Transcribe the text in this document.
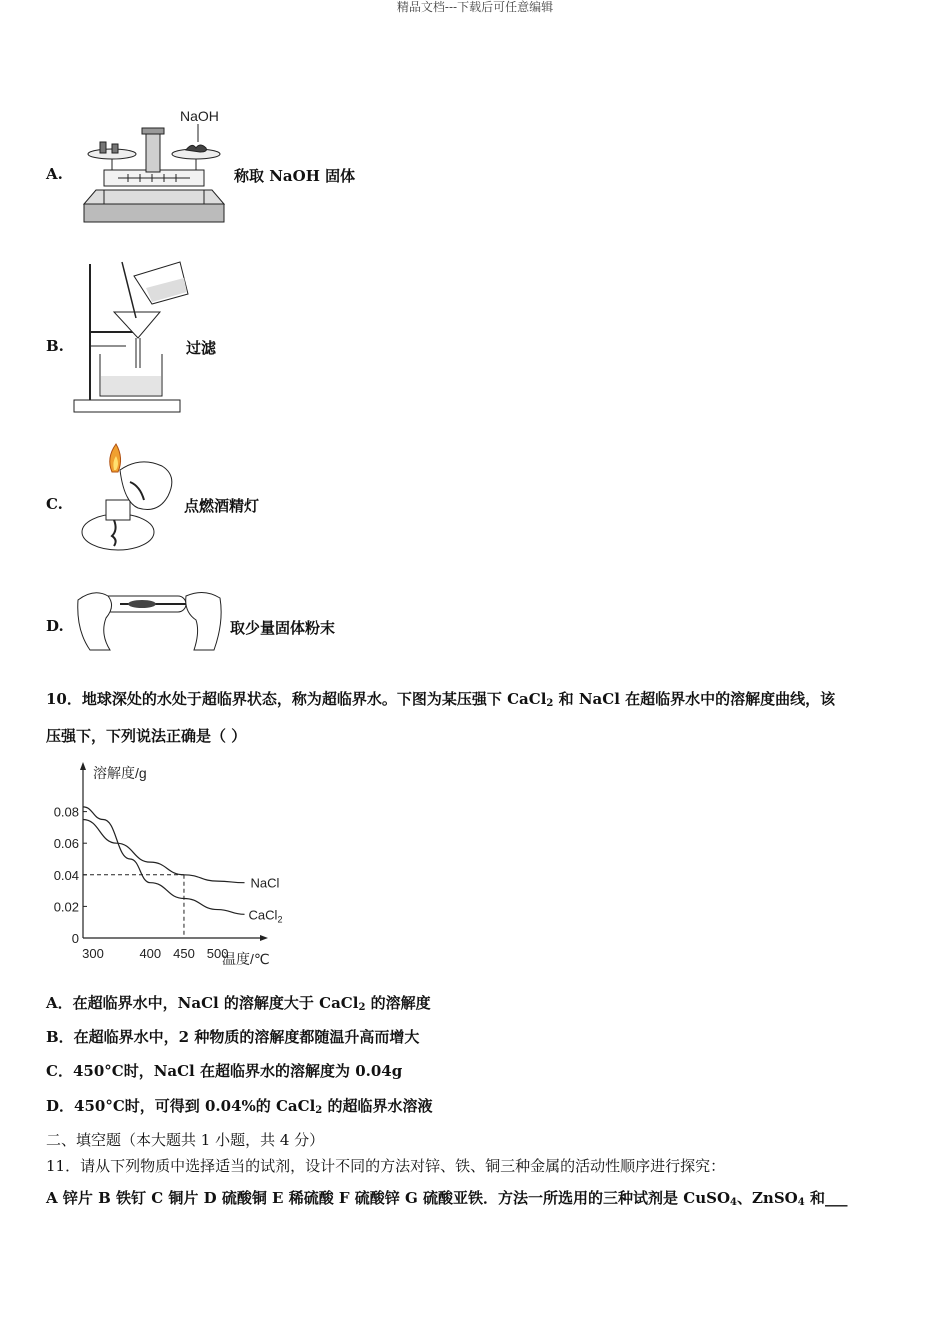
精品文档---下载后可任意编辑
A.
NaOH
称取 NaOH 固体
B.	过滤
C.	点燃酒精灯
D.	取少量固体粉末
10．地球深处的水处于超临界状态，称为超临界水。下图为某压强下 CaCl$_2$ 和 NaCl 在超临界水中的溶解度曲线，该
压强下，下列说法正确是（ ）
溶解度/g
温度/℃
0
0.02
0.04
0.06
0.08
300	400 450 500
NaCl
CaCl$_2$
A．在超临界水中，NaCl 的溶解度大于 CaCl$_2$ 的溶解度
B．在超临界水中，2 种物质的溶解度都随温升高而增大
C．450°C时，NaCl 在超临界水的溶解度为 0.04g
D．450°C时，可得到 0.04%的 CaCl$_2$ 的超临界水溶液
二、填空题（本大题共 1 小题，共 4 分）
11．请从下列物质中选择适当的试剂，设计不同的方法对锌、铁、铜三种金属的活动性顺序进行探究：
A 锌片 B 铁钉 C 铜片 D 硫酸铜 E 稀硫酸 F 硫酸锌 G 硫酸亚铁．方法一所选用的三种试剂是 CuSO$_4$、ZnSO$_4$ 和___
